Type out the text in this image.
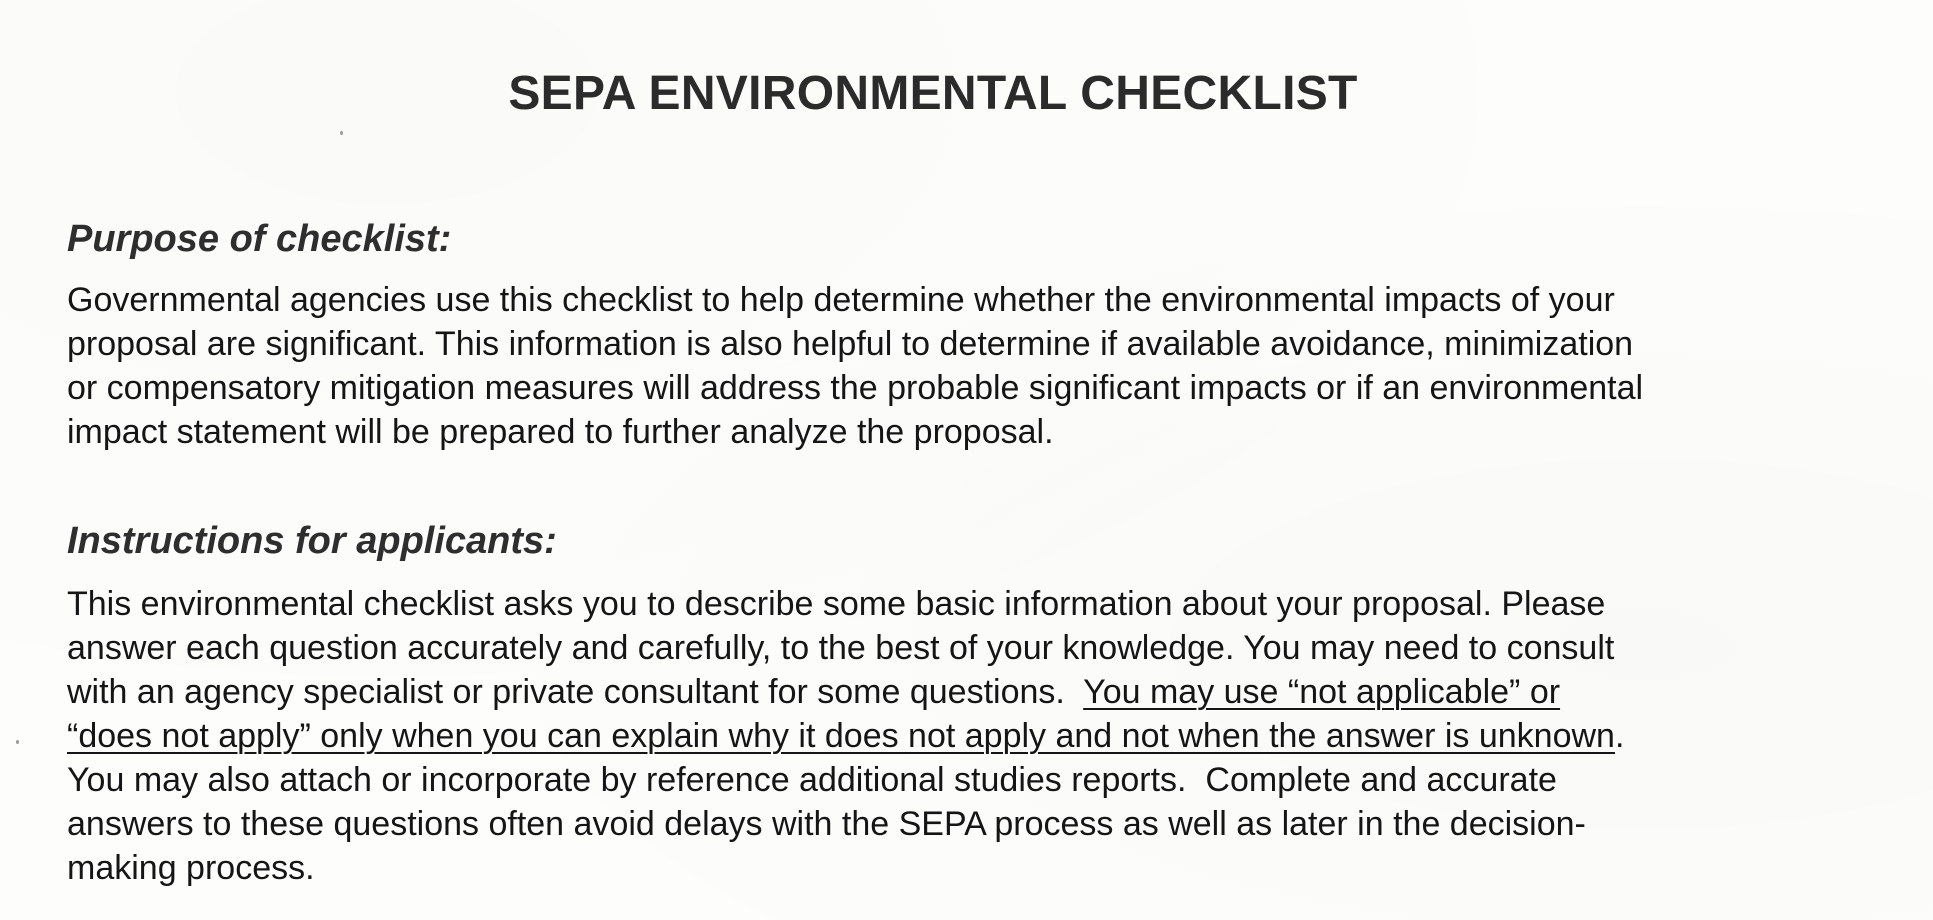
SEPA ENVIRONMENTAL CHECKLIST
Purpose of checklist:

Governmental agencies use this checklist to help determine whether the environmental impacts of your
proposal are significant. This information is also helpful to determine if available avoidance, minimization
or compensatory mitigation measures will address the probable significant impacts or if an environmental
impact statement will be prepared to further analyze the proposal.

Instructions for applicants:

This environmental checklist asks you to describe some basic information about your proposal. Please
answer each question accurately and carefully, to the best of your knowledge. You may need to consult
with an agency specialist or private consultant for some questions.  You may use “not applicable” or
“does not apply” only when you can explain why it does not apply and not when the answer is unknown.
You may also attach or incorporate by reference additional studies reports.  Complete and accurate
answers to these questions often avoid delays with the SEPA process as well as later in the decision-
making process.
